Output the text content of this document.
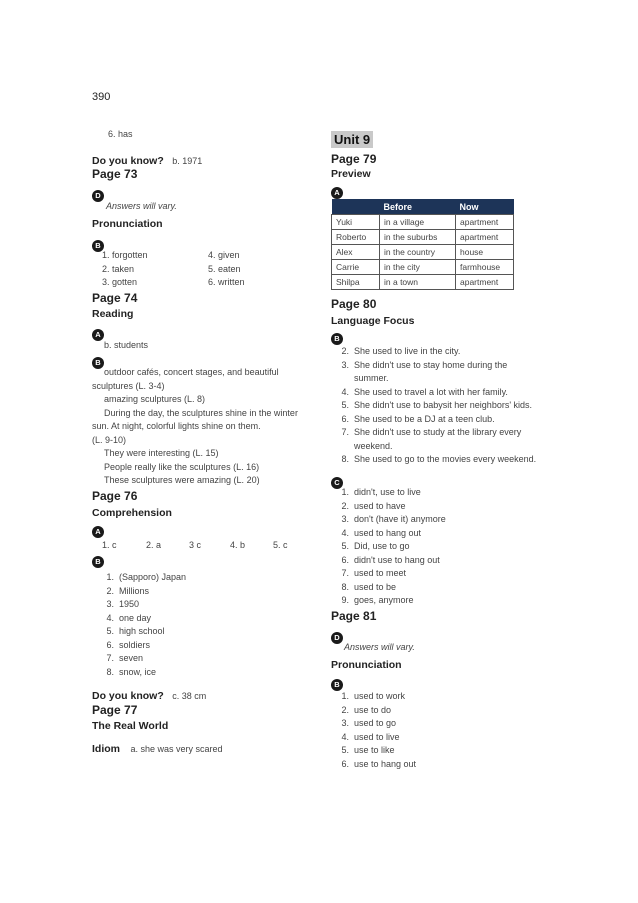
390
6. has
Do you know? b. 1971
Page 73
D
Answers will vary.
Pronunciation
B
1. forgotten
2. taken
3. gotten
4. given
5. eaten
6. written
Page 74
Reading
A
b. students
B
outdoor cafés, concert stages, and beautiful
sculptures (L. 3-4)
amazing sculptures (L. 8)
During the day, the sculptures shine in the winter
sun. At night, colorful lights shine on them.
(L. 9-10)
They were interesting (L. 15)
People really like the sculptures (L. 16)
These sculptures were amazing (L. 20)
Page 76
Comprehension
A
1. c	2. a	3 c	4. b	5. c
B
1. (Sapporo) Japan
2. Millions
3. 1950
4. one day
5. high school
6. soldiers
7. seven
8. snow, ice
Do you know? c. 38 cm
Page 77
The Real World
Idiom a. she was very scared
Unit 9
Page 79
Preview
A
	Before	Now
Yuki	in a village	apartment
Roberto	in the suburbs	apartment
Alex	in the country	house
Carrie	in the city	farmhouse
Shilpa	in a town	apartment
Page 80
Language Focus
B
2. She used to live in the city.
3. She didn't use to stay home during the
summer.
4. She used to travel a lot with her family.
5. She didn't use to babysit her neighbors' kids.
6. She used to be a DJ at a teen club.
7. She didn't use to study at the library every
weekend.
8. She used to go to the movies every weekend.
C
1. didn't, use to live
2. used to have
3. don't (have it) anymore
4. used to hang out
5. Did, use to go
6. didn't use to hang out
7. used to meet
8. used to be
9. goes, anymore
Page 81
D
Answers will vary.
Pronunciation
B
1. used to work
2. use to do
3. used to go
4. used to live
5. use to like
6. use to hang out
